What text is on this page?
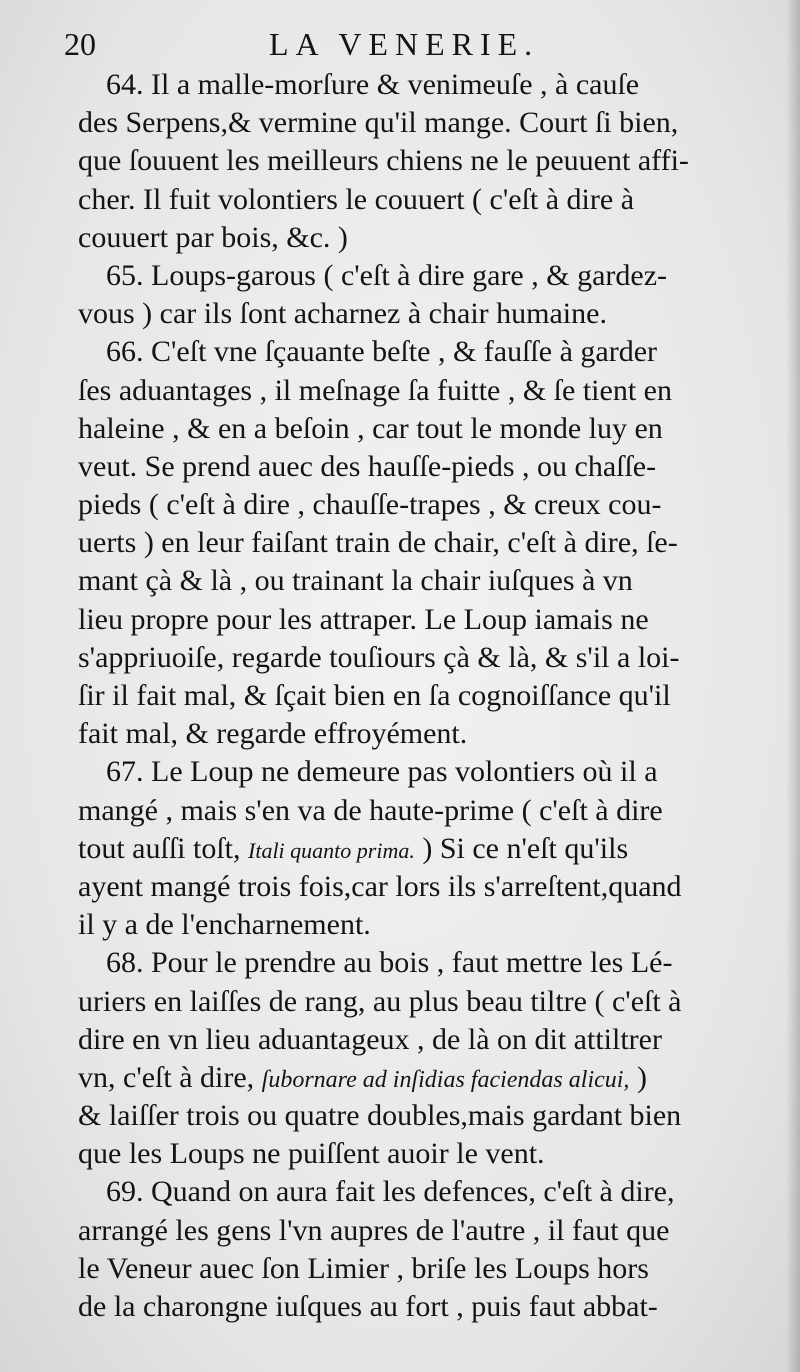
20	LA VENERIE.
64. Il a malle-morſure & venimeuſe , à cauſe
des Serpens,& vermine qu'il mange. Court ſi bien,
que ſouuent les meilleurs chiens ne le peuuent affi-
cher. Il fuit volontiers le couuert ( c'eſt à dire à
couuert par bois, &c. )
65. Loups-garous ( c'eſt à dire gare , & gardez-
vous ) car ils ſont acharnez à chair humaine.
66. C'eſt vne ſçauante beſte , & fauſſe à garder
ſes aduantages , il meſnage ſa fuitte , & ſe tient en
haleine , & en a beſoin , car tout le monde luy en
veut. Se prend auec des hauſſe-pieds , ou chaſſe-
pieds ( c'eſt à dire , chauſſe-trapes , & creux cou-
uerts ) en leur faiſant train de chair, c'eſt à dire, ſe-
mant çà & là , ou trainant la chair iuſques à vn
lieu propre pour les attraper. Le Loup iamais ne
s'appriuoiſe, regarde touſiours çà & là, & s'il a loi-
ſir il fait mal, & ſçait bien en ſa cognoiſſance qu'il
fait mal, & regarde effroyément.
67. Le Loup ne demeure pas volontiers où il a
mangé , mais s'en va de haute-prime ( c'eſt à dire
tout auſſi toſt, Itali quanto prima. ) Si ce n'eſt qu'ils
ayent mangé trois fois,car lors ils s'arreſtent,quand
il y a de l'encharnement.
68. Pour le prendre au bois , faut mettre les Lé-
uriers en laiſſes de rang, au plus beau tiltre ( c'eſt à
dire en vn lieu aduantageux , de là on dit attiltrer
vn, c'eſt à dire, ſubornare ad inſidias faciendas alicui, )
& laiſſer trois ou quatre doubles,mais gardant bien
que les Loups ne puiſſent auoir le vent.
69. Quand on aura fait les defences, c'eſt à dire,
arrangé les gens l'vn aupres de l'autre , il faut que
le Veneur auec ſon Limier , briſe les Loups hors
de la charongne iuſques au fort , puis faut abbat-
